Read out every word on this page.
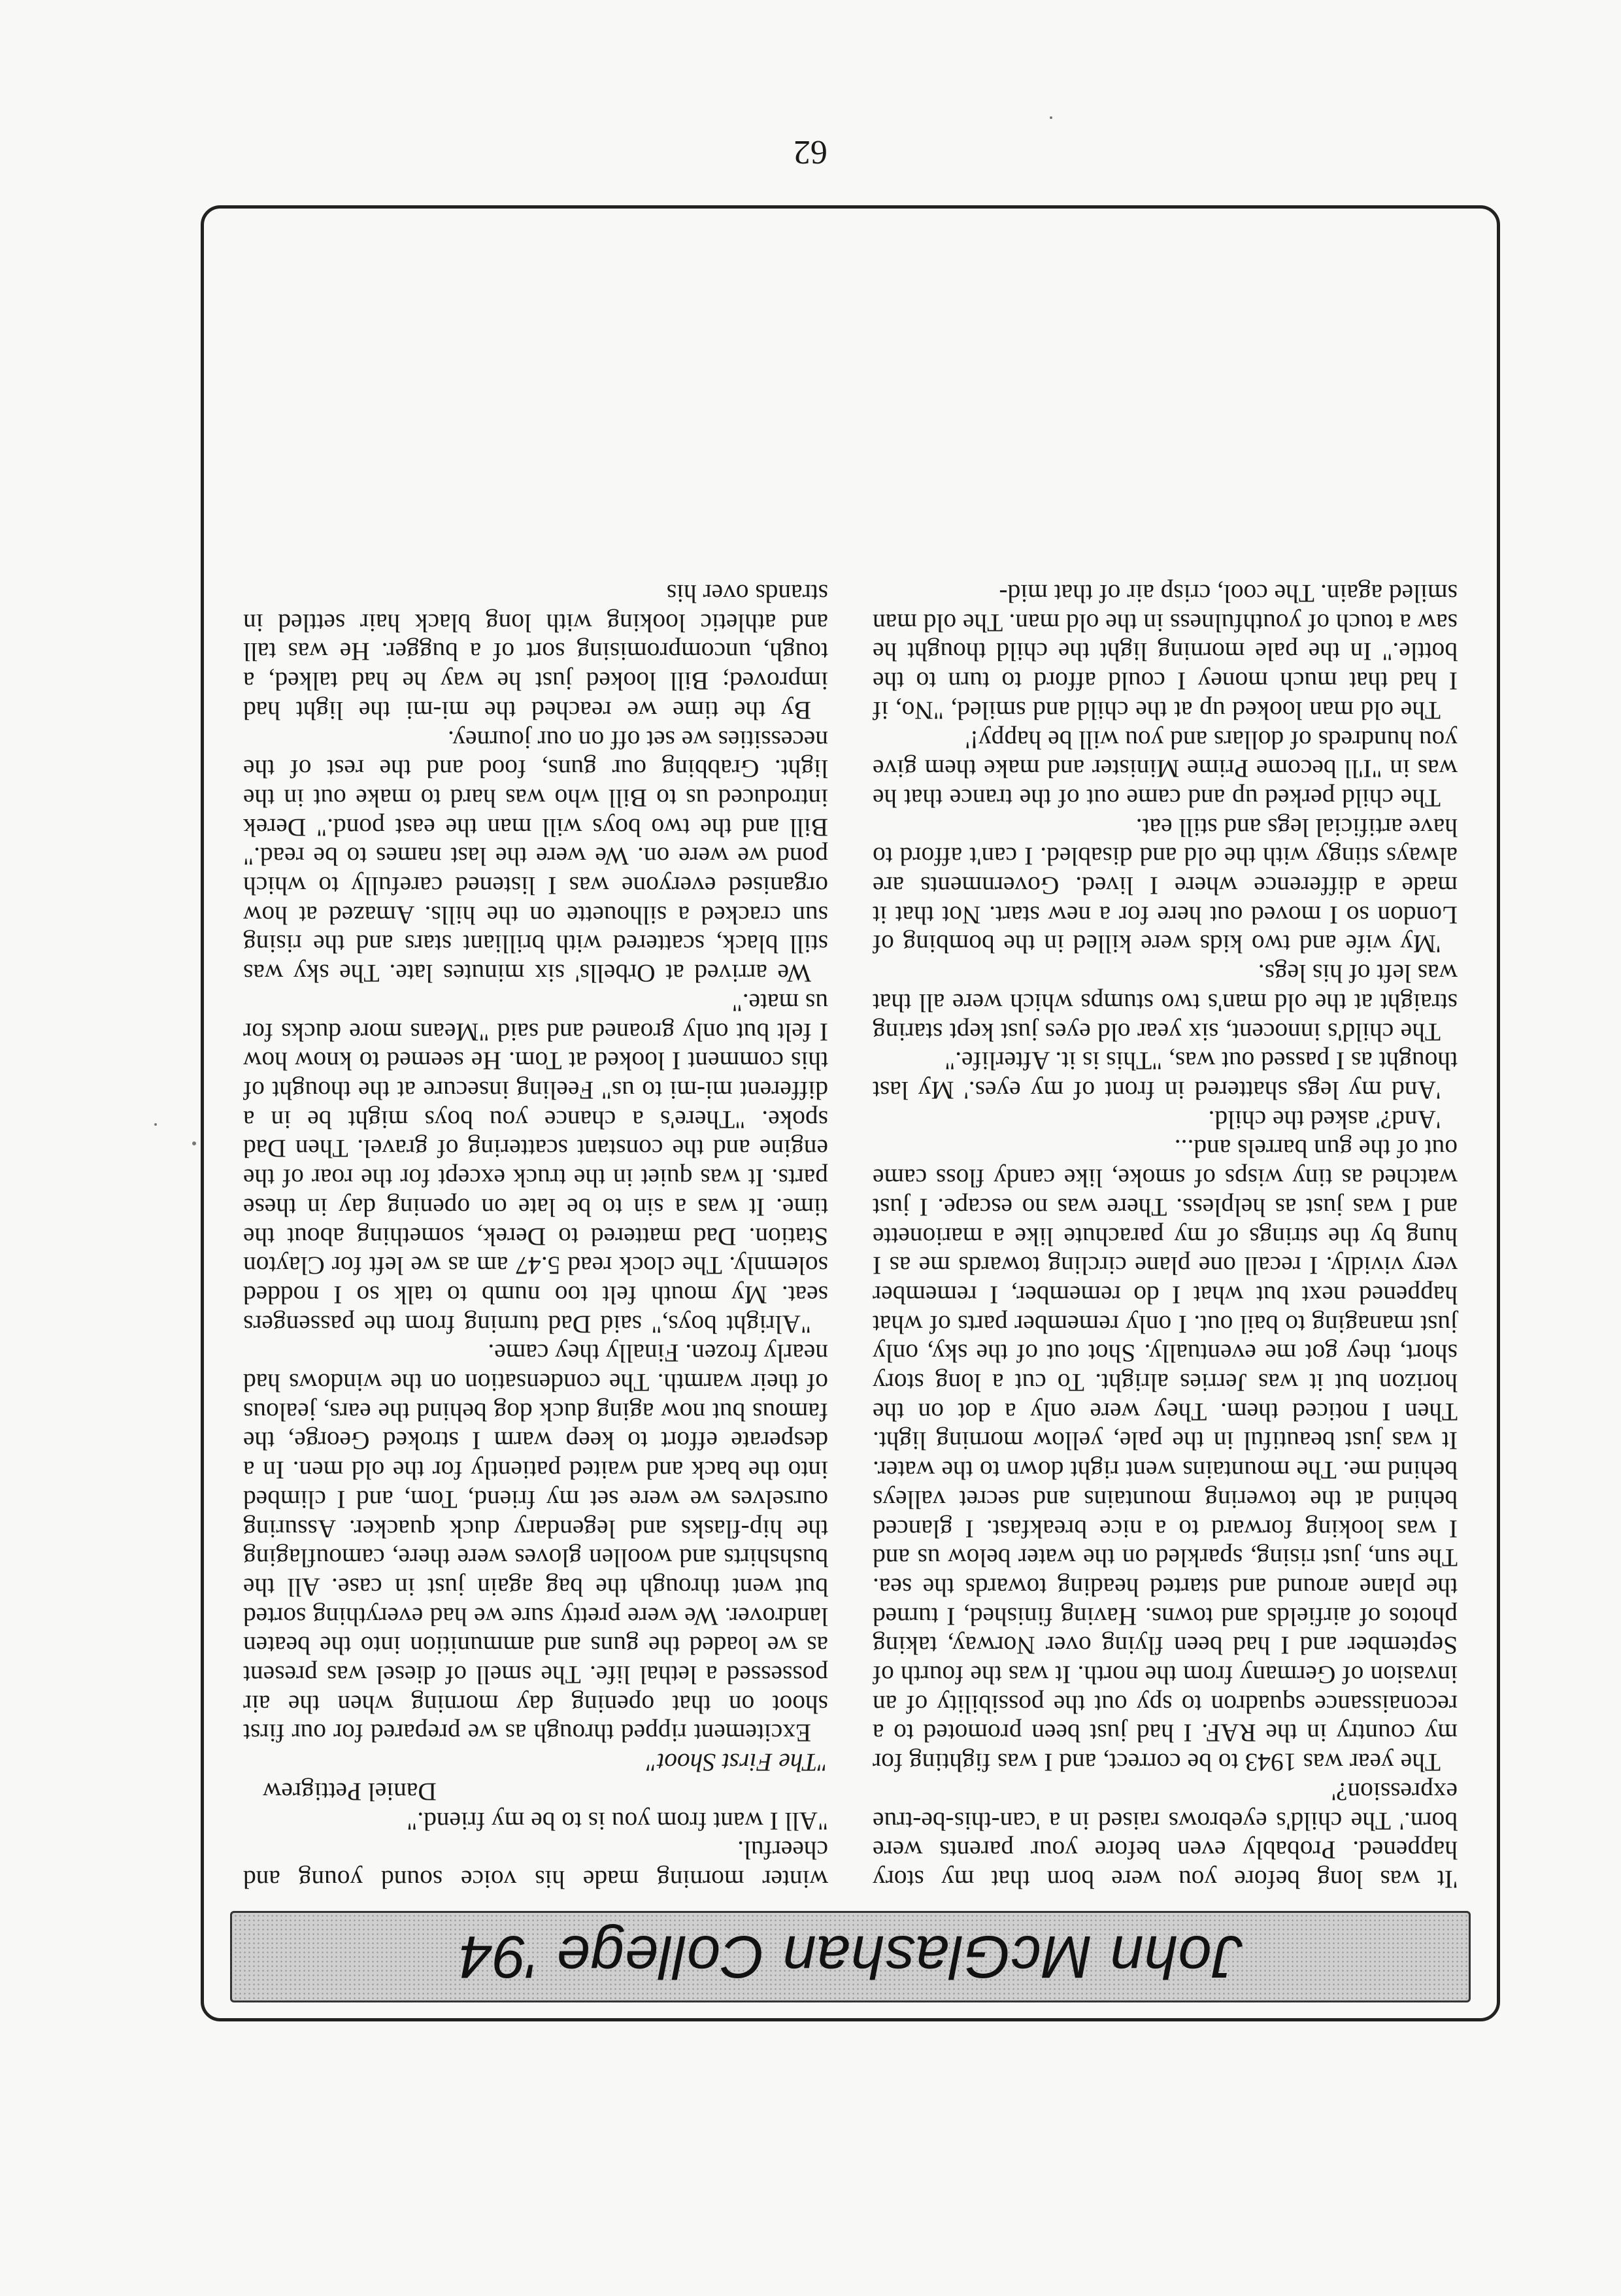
John McGlashan College '94

'It was long before you were born that my story happened. Probably even before your parents were born.' The child's eyebrows raised in a 'can-this-be-true expression?'

The year was 1943 to be correct, and I was fighting for my country in the RAF. I had just been promoted to a reconaissance squadron to spy out the possibility of an invasion of Germany from the north. It was the fourth of September and I had been flying over Norway, taking photos of airfields and towns. Having finished, I turned the plane around and started heading towards the sea. The sun, just rising, sparkled on the water below us and I was looking forward to a nice breakfast. I glanced behind at the towering mountains and secret valleys behind me. The mountains went right down to the water. It was just beautiful in the pale, yellow morning light. Then I noticed them. They were only a dot on the horizon but it was Jerries alright. To cut a long story short, they got me eventually. Shot out of the sky, only just managing to bail out. I only remember parts of what happened next but what I do remember, I remember very vividly. I recall one plane circling towards me as I hung by the strings of my parachute like a marionette and I was just as helpless. There was no escape. I just watched as tiny wisps of smoke, like candy floss came out of the gun barrels and...

'And?' asked the child.

'And my legs shattered in front of my eyes.' My last thought as I passed out was, "This is it. Afterlife."

The child's innocent, six year old eyes just kept staring straight at the old man's two stumps which were all that was left of his legs.

'My wife and two kids were killed in the bombing of London so I moved out here for a new start. Not that it made a difference where I lived. Governments are always stingy with the old and disabled. I can't afford to have artificial legs and still eat.

The child perked up and came out of the trance that he was in "I'll become Prime Minister and make them give you hundreds of dollars and you will be happy!'

The old man looked up at the child and smiled, "No, if I had that much money I could afford to turn to the bottle." In the pale morning light the child thought he saw a touch of youthfulness in the old man. The old man smiled again. The cool, crisp air of that mid-

winter morning made his voice sound young and cheerful.

"All I want from you is to be my friend."

Daniel Pettigrew

"The First Shoot"

Excitement ripped through as we prepared for our first shoot on that opening day morning when the air possessed a lethal life. The smell of diesel was present as we loaded the guns and ammunition into the beaten landrover. We were pretty sure we had everything sorted but went through the bag again just in case. All the bushshirts and woollen gloves were there, camouflaging the hip-flasks and legendary duck quacker. Assuring ourselves we were set my friend, Tom, and I climbed into the back and waited patiently for the old men. In a desperate effort to keep warm I stroked George, the famous but now aging duck dog behind the ears, jealous of their warmth. The condensation on the windows had nearly frozen. Finally they came.

"Alright boys," said Dad turning from the passengers seat. My mouth felt too numb to talk so I nodded solemnly. The clock read 5.47 am as we left for Clayton Station. Dad mattered to Derek, something about the time. It was a sin to be late on opening day in these parts. It was quiet in the truck except for the roar of the engine and the constant scattering of gravel. Then Dad spoke. "There's a chance you boys might be in a different mi-mi to us" Feeling insecure at the thought of this comment I looked at Tom. He seemed to know how I felt but only groaned and said "Means more ducks for us mate."

We arrived at Orbells' six minutes late. The sky was still black, scattered with brilliant stars and the rising sun cracked a silhouette on the hills. Amazed at how organised everyone was I listened carefully to which pond we were on. We were the last names to be read." Bill and the two boys will man the east pond." Derek introduced us to Bill who was hard to make out in the light. Grabbing our guns, food and the rest of the necessities we set off on our journey.

By the time we reached the mi-mi the light had improved; Bill looked just he way he had talked, a tough, uncompromising sort of a bugger. He was tall and athletic looking with long black hair settled in strands over his

62
